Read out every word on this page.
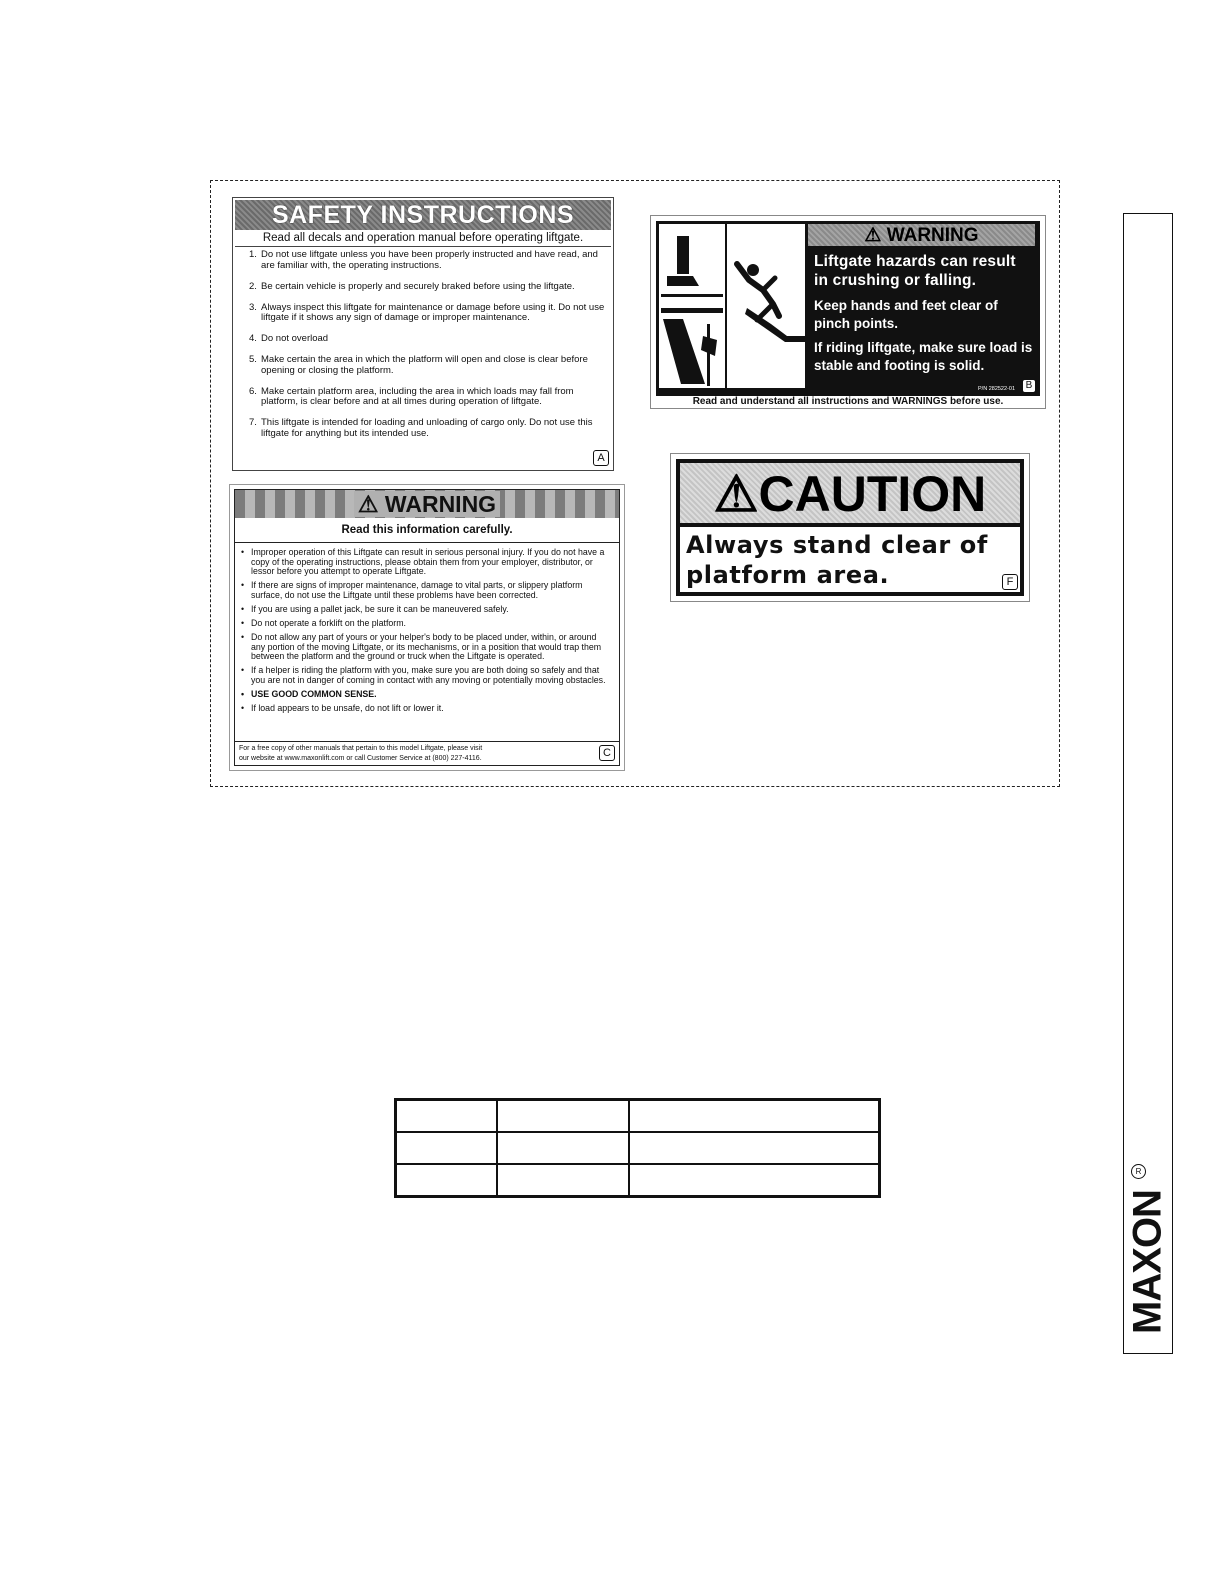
SAFETY INSTRUCTIONS
Read all decals and operation manual before operating liftgate.
1. Do not use liftgate unless you have been properly instructed and have read, and are familiar with, the operating instructions.
2. Be certain vehicle is properly and securely braked before using the liftgate.
3. Always inspect this liftgate for maintenance or damage before using it. Do not use liftgate if it shows any sign of damage or improper maintenance.
4. Do not overload
5. Make certain the area in which the platform will open and close is clear before opening or closing the platform.
6. Make certain platform area, including the area in which loads may fall from platform, is clear before and at all times during operation of liftgate.
7. This liftgate is intended for loading and unloading of cargo only. Do not use this liftgate for anything but its intended use.
A
⚠ WARNING
Liftgate hazards can result in crushing or falling.
Keep hands and feet clear of pinch points.
If riding liftgate, make sure load is stable and footing is solid.
P/N 282522-01	B
Read and understand all instructions and WARNINGS before use.
⚠ WARNING
Read this information carefully.
• Improper operation of this Liftgate can result in serious personal injury. If you do not have a copy of the operating instructions, please obtain them from your employer, distributor, or lessor before you attempt to operate Liftgate.
• If there are signs of improper maintenance, damage to vital parts, or slippery platform surface, do not use the Liftgate until these problems have been corrected.
• If you are using a pallet jack, be sure it can be maneuvered safely.
• Do not operate a forklift on the platform.
• Do not allow any part of yours or your helper's body to be placed under, within, or around any portion of the moving Liftgate, or its mechanisms, or in a position that would trap them between the platform and the ground or truck when the Liftgate is operated.
• If a helper is riding the platform with you, make sure you are both doing so safely and that you are not in danger of coming in contact with any moving or potentially moving obstacles.
• USE GOOD COMMON SENSE.
• If load appears to be unsafe, do not lift or lower it.
For a free copy of other manuals that pertain to this model Liftgate, please visit
our website at www.maxonlift.com or call Customer Service at (800) 227-4116.	C
⚠CAUTION
Always stand clear of platform area.	F

MAXON
R
